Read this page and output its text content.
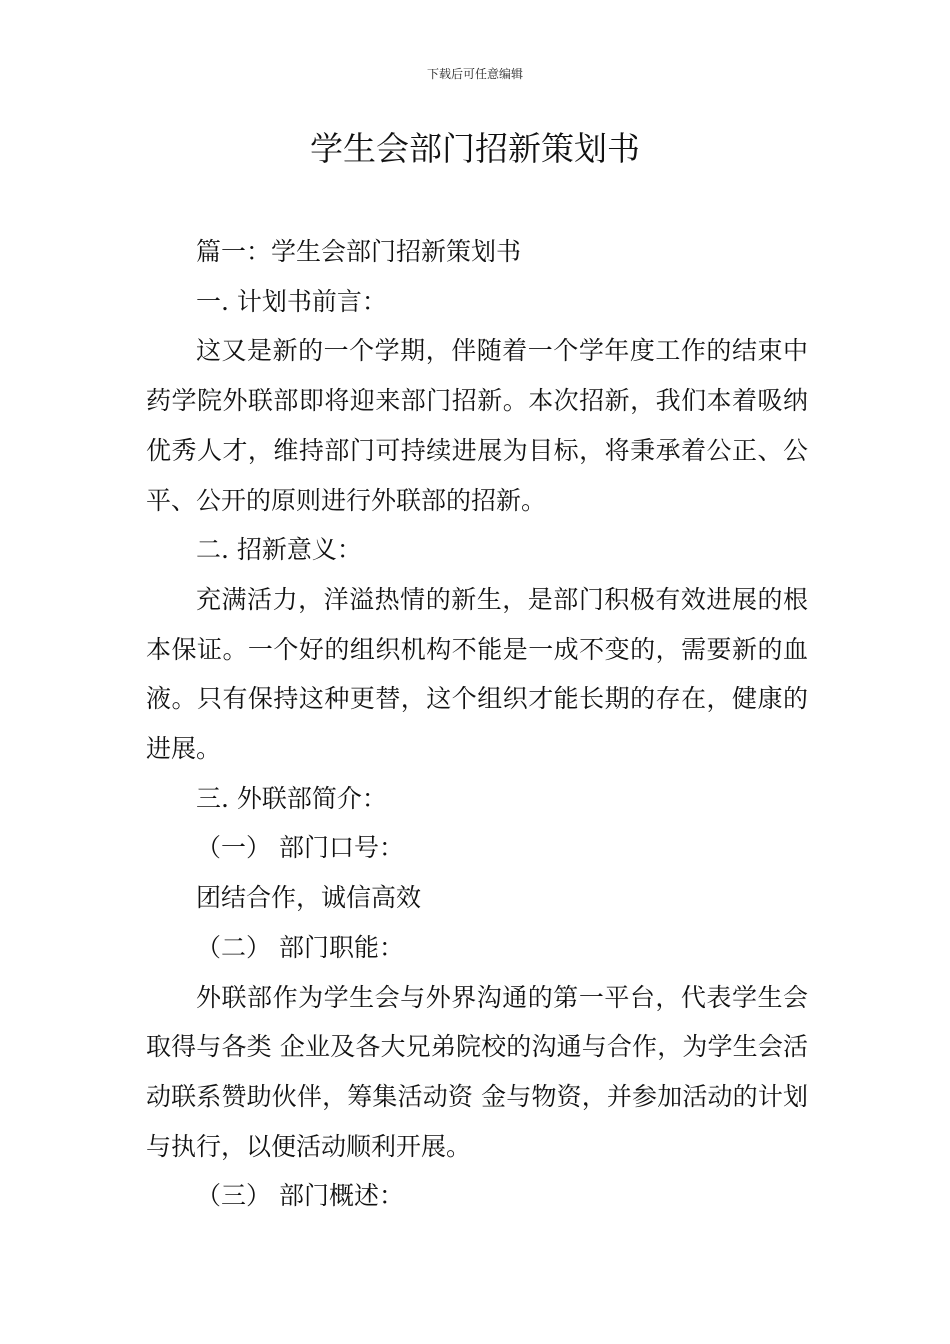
下载后可任意编辑
学生会部门招新策划书

篇一：学生会部门招新策划书

一. 计划书前言：

这又是新的一个学期，伴随着一个学年度工作的结束中药学院外联部即将迎来部门招新。本次招新，我们本着吸纳优秀人才，维持部门可持续进展为目标，将秉承着公正、公平、公开的原则进行外联部的招新。

二. 招新意义：

充满活力，洋溢热情的新生，是部门积极有效进展的根本保证。一个好的组织机构不能是一成不变的，需要新的血液。只有保持这种更替，这个组织才能长期的存在，健康的进展。

三. 外联部简介：

（一） 部门口号：

团结合作，诚信高效

（二） 部门职能：

外联部作为学生会与外界沟通的第一平台，代表学生会取得与各类 企业及各大兄弟院校的沟通与合作，为学生会活动联系赞助伙伴，筹集活动资 金与物资，并参加活动的计划与执行，以便活动顺利开展。

（三） 部门概述：
